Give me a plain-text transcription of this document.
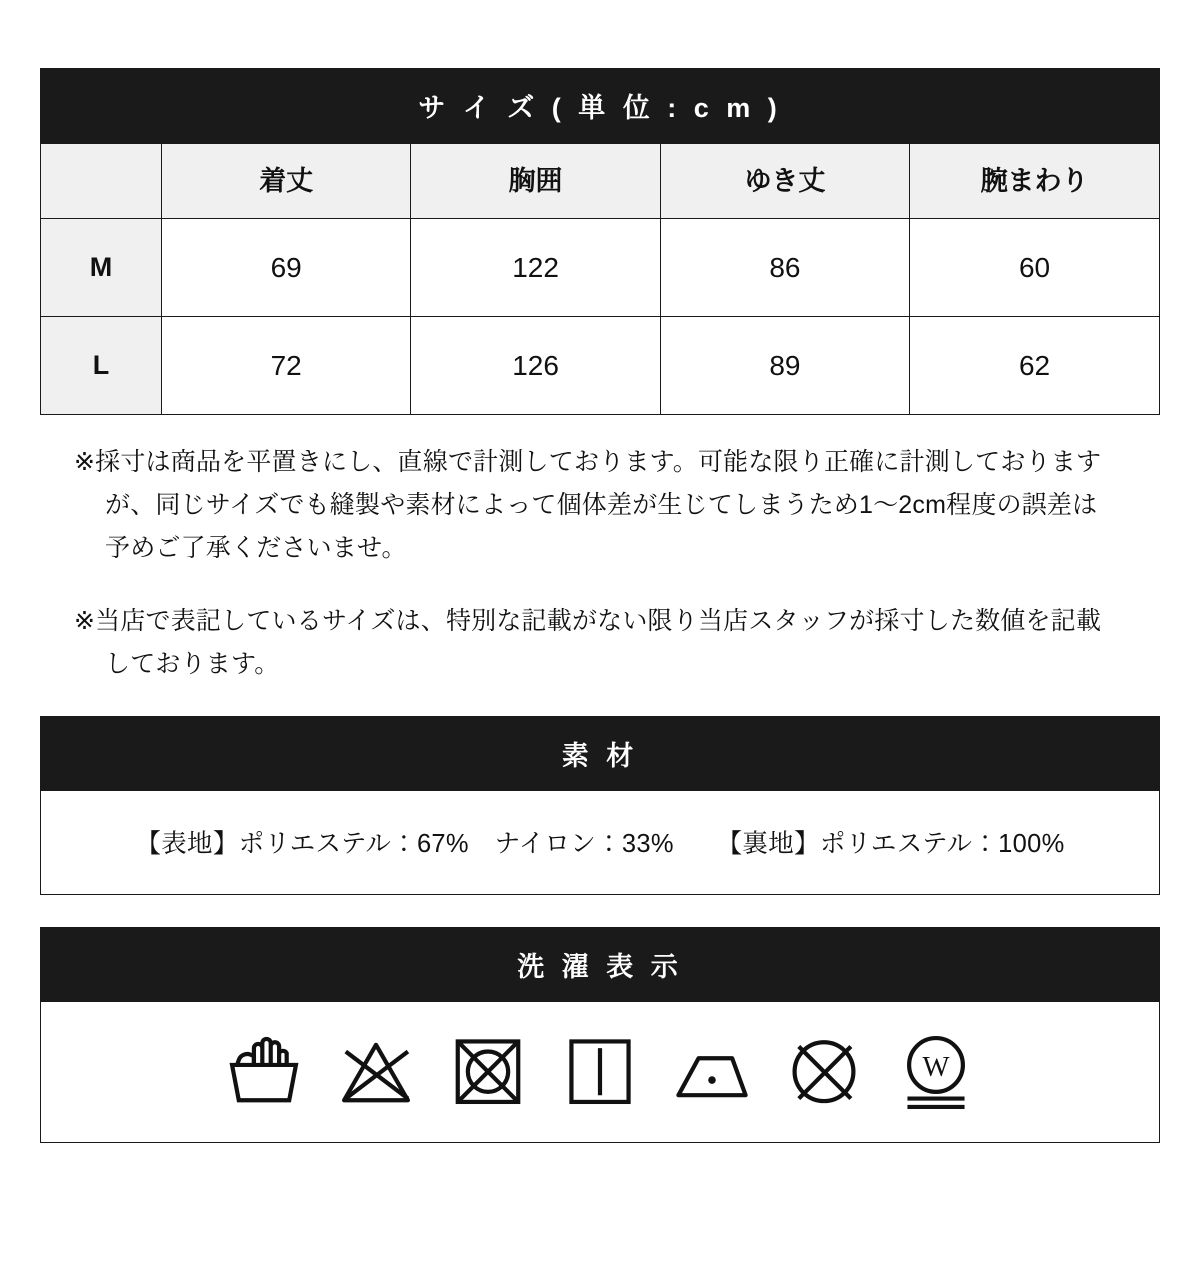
サ イ ズ ( 単 位 : c m )
	着丈	胸囲	ゆき丈	腕まわり
M	69	122	86	60
L	72	126	89	62

※採寸は商品を平置きにし、直線で計測しております。可能な限り正確に計測しておりますが、同じサイズでも縫製や素材によって個体差が生じてしまうため1〜2cm程度の誤差は予めご了承くださいませ。

※当店で表記しているサイズは、特別な記載がない限り当店スタッフが採寸した数値を記載しております。

素 材
【表地】ポリエステル：67%　ナイロン：33% 【裏地】ポリエステル：100%
洗 濯 表 示
W
